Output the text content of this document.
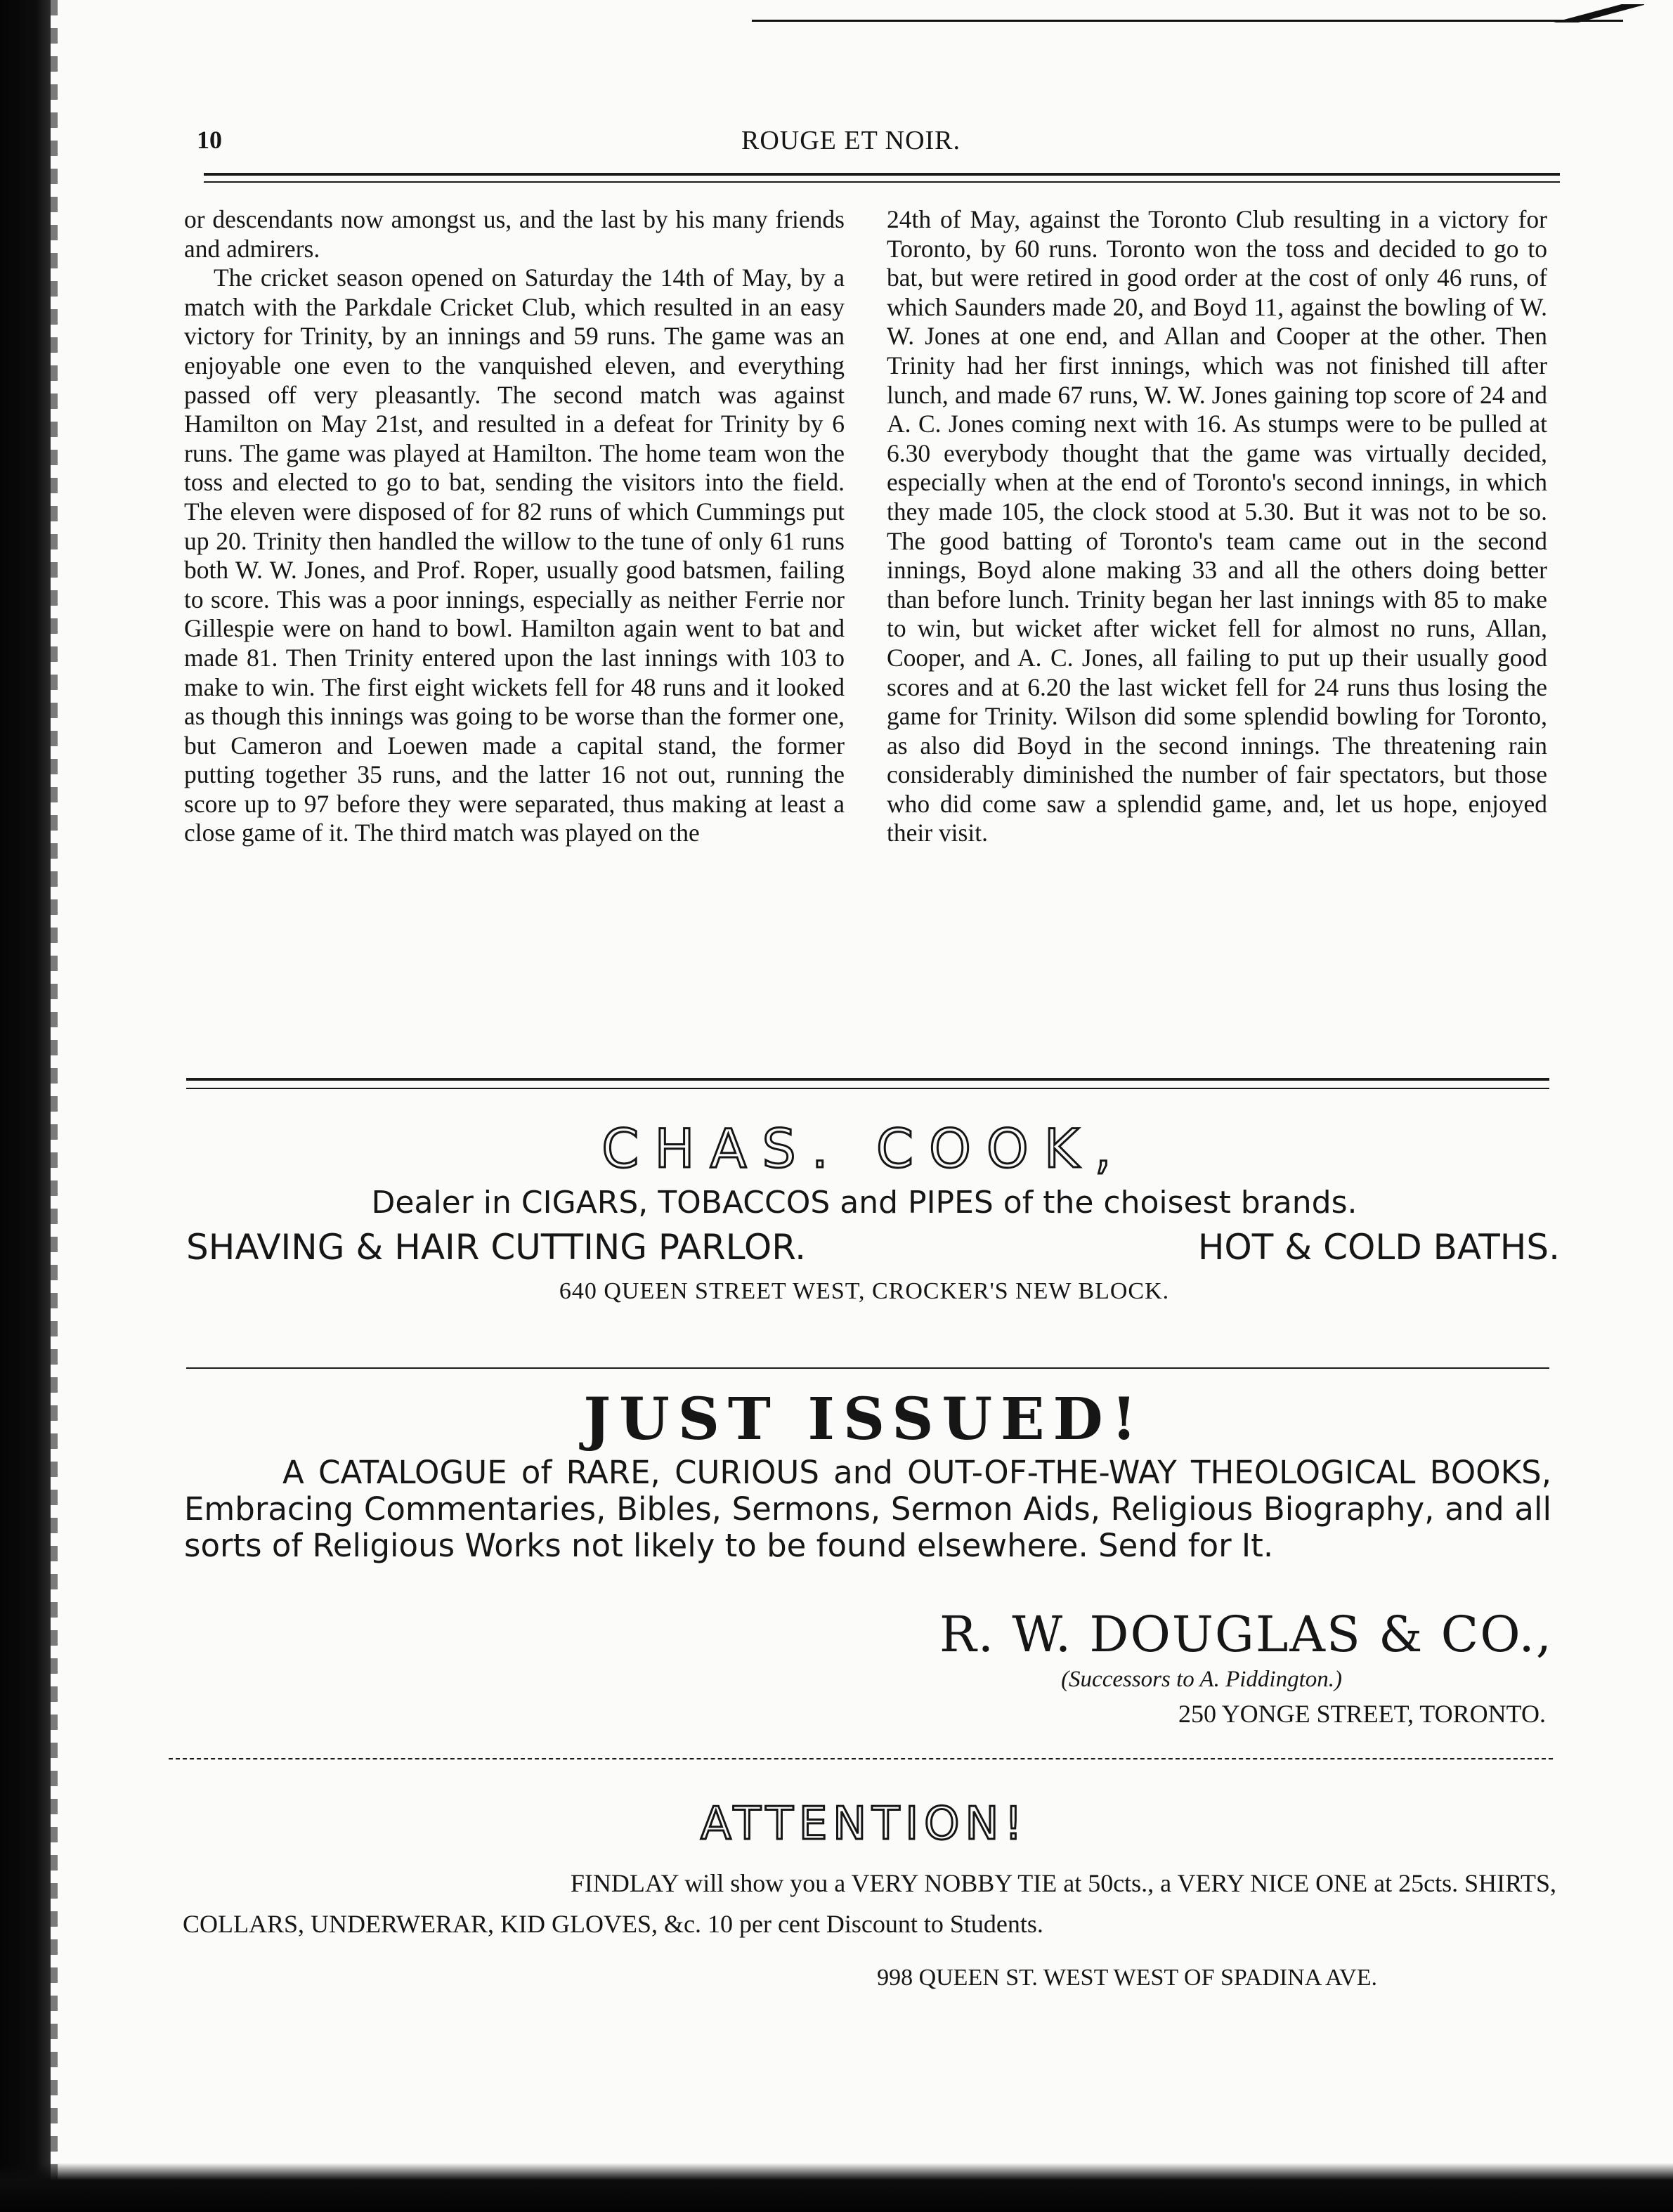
10	ROUGE ET NOIR.

or descendants now amongst us, and the last by his many friends and admirers.

The cricket season opened on Saturday the 14th of May, by a match with the Parkdale Cricket Club, which resulted in an easy victory for Trinity, by an innings and 59 runs. The game was an enjoyable one even to the vanquished eleven, and everything passed off very pleasantly. The second match was against Hamilton on May 21st, and resulted in a defeat for Trinity by 6 runs. The game was played at Hamilton. The home team won the toss and elected to go to bat, sending the visitors into the field. The eleven were disposed of for 82 runs of which Cummings put up 20. Trinity then handled the willow to the tune of only 61 runs both W. W. Jones, and Prof. Roper, usually good batsmen, failing to score. This was a poor innings, especially as neither Ferrie nor Gillespie were on hand to bowl. Hamilton again went to bat and made 81. Then Trinity entered upon the last innings with 103 to make to win. The first eight wickets fell for 48 runs and it looked as though this innings was going to be worse than the former one, but Cameron and Loewen made a capital stand, the former putting together 35 runs, and the latter 16 not out, running the score up to 97 before they were separated, thus making at least a close game of it. The third match was played on the

24th of May, against the Toronto Club resulting in a victory for Toronto, by 60 runs. Toronto won the toss and decided to go to bat, but were retired in good order at the cost of only 46 runs, of which Saunders made 20, and Boyd 11, against the bowling of W. W. Jones at one end, and Allan and Cooper at the other. Then Trinity had her first innings, which was not finished till after lunch, and made 67 runs, W. W. Jones gaining top score of 24 and A. C. Jones coming next with 16. As stumps were to be pulled at 6.30 everybody thought that the game was virtually decided, especially when at the end of Toronto's second innings, in which they made 105, the clock stood at 5.30. But it was not to be so. The good batting of Toronto's team came out in the second innings, Boyd alone making 33 and all the others doing better than before lunch. Trinity began her last innings with 85 to make to win, but wicket after wicket fell for almost no runs, Allan, Cooper, and A. C. Jones, all failing to put up their usually good scores and at 6.20 the last wicket fell for 24 runs thus losing the game for Trinity. Wilson did some splendid bowling for Toronto, as also did Boyd in the second innings. The threatening rain considerably diminished the number of fair spectators, but those who did come saw a splendid game, and, let us hope, enjoyed their visit.

CHAS. COOK,
Dealer in CIGARS, TOBACCOS and PIPES of the choisest brands.
SHAVING & HAIR CUTTING PARLOR.	HOT & COLD BATHS.
640 QUEEN STREET WEST, CROCKER'S NEW BLOCK.
JUST ISSUED!
A CATALOGUE of RARE, CURIOUS and OUT-OF-THE-WAY THEOLOGICAL BOOKS, Embracing Commentaries, Bibles, Sermons, Sermon Aids, Religious Biography, and all sorts of Religious Works not likely to be found elsewhere. Send for It.
R. W. DOUGLAS & CO.,
(Successors to A. Piddington.)
250 YONGE STREET, TORONTO.
ATTENTION!
FINDLAY will show you a VERY NOBBY TIE at 50cts., a VERY NICE ONE at 25cts. SHIRTS,
COLLARS, UNDERWERAR, KID GLOVES, &c. 10 per cent Discount to Students.
998 QUEEN ST. WEST WEST OF SPADINA AVE.
